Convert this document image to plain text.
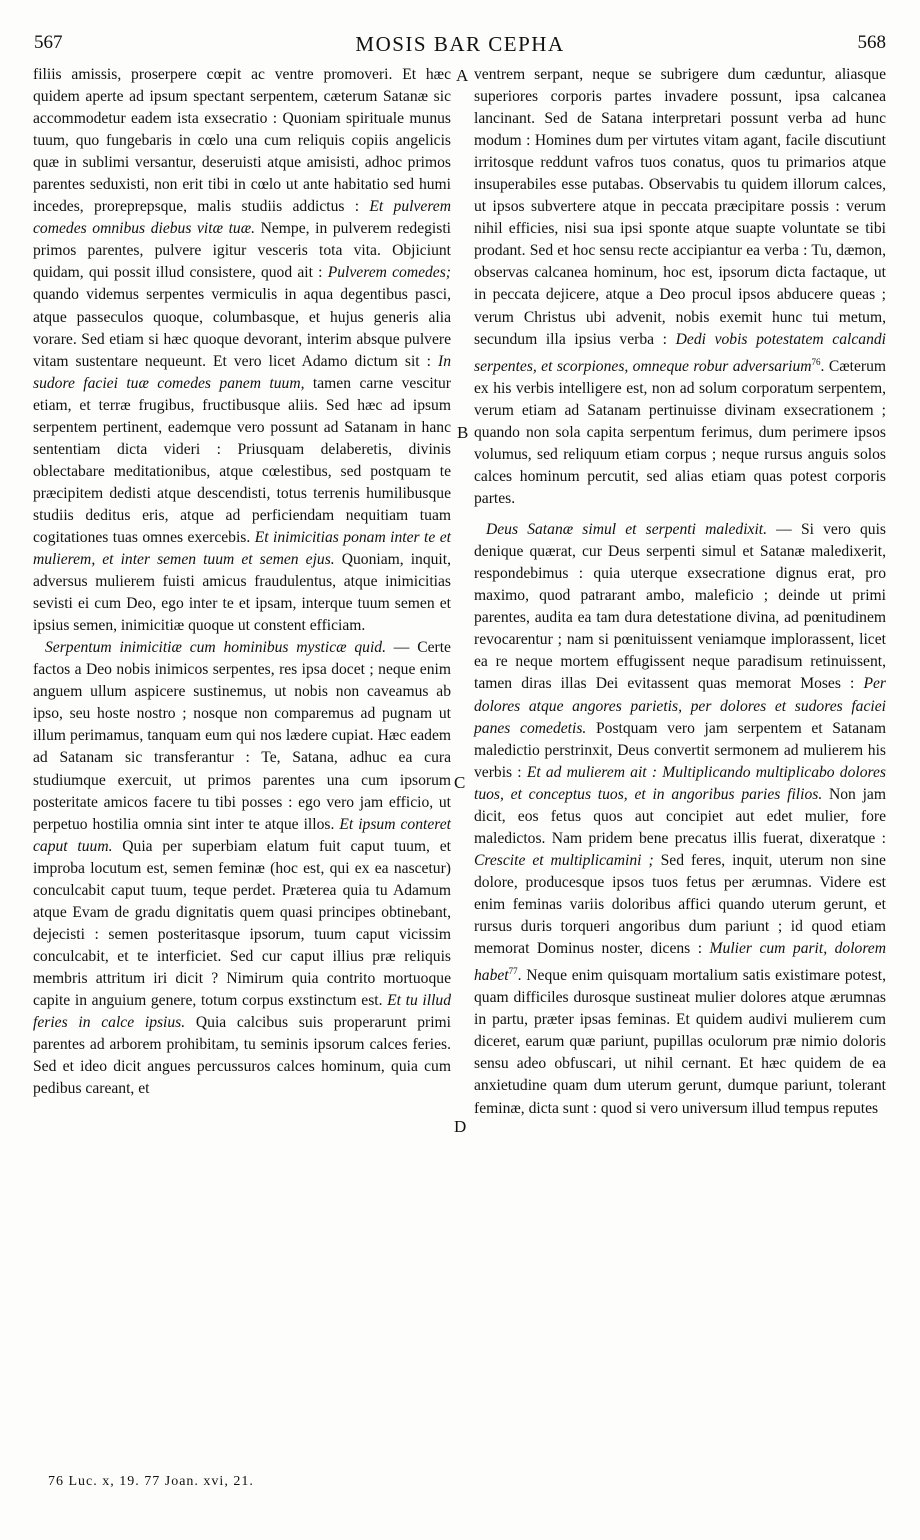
567	MOSIS BAR CEPHA	568

filiis amissis, proserpere cœpit ac ventre promoveri. Et hæc quidem aperte ad ipsum spectant serpentem, cæterum Satanæ sic accommodetur eadem ista exsecratio : Quoniam spirituale munus tuum, quo fungebaris in cœlo una cum reliquis copiis angelicis quæ in sublimi versantur, deseruisti atque amisisti, adhoc primos parentes seduxisti, non erit tibi in cœlo ut ante habitatio sed humi incedes, proreprepsque, malis studiis addictus : Et pulverem comedes omnibus diebus vitæ tuæ. Nempe, in pulverem redegisti primos parentes, pulvere igitur vesceris tota vita. Objiciunt quidam, qui possit illud consistere, quod ait : Pulverem comedes; quando videmus serpentes vermiculis in aqua degentibus pasci, atque passeculos quoque, columbasque, et hujus generis alia vorare. Sed etiam si hæc quoque devorant, interim absque pulvere vitam sustentare nequeunt. Et vero licet Adamo dictum sit : In sudore faciei tuæ comedes panem tuum, tamen carne vescitur etiam, et terræ frugibus, fructibusque aliis. Sed hæc ad ipsum serpentem pertinent, eademque vero possunt ad Satanam in hanc sententiam dicta videri : Priusquam delaberetis, divinis oblectabare meditationibus, atque cœlestibus, sed postquam te præcipitem dedisti atque descendisti, totus terrenis humilibusque studiis deditus eris, atque ad perficiendam nequitiam tuam cogitationes tuas omnes exercebis. Et inimicitias ponam inter te et mulierem, et inter semen tuum et semen ejus. Quoniam, inquit, adversus mulierem fuisti amicus fraudulentus, atque inimicitias sevisti ei cum Deo, ego inter te et ipsam, interque tuum semen et ipsius semen, inimicitiæ quoque ut constent efficiam.

Serpentum inimicitiæ cum hominibus mysticæ quid. — Certe factos a Deo nobis inimicos serpentes, res ipsa docet ; neque enim anguem ullum aspicere sustinemus, ut nobis non caveamus ab ipso, seu hoste nostro ; nosque non comparemus ad pugnam ut illum perimamus, tanquam eum qui nos lædere cupiat. Hæc eadem ad Satanam sic transferantur : Te, Satana, adhuc ea cura studiumque exercuit, ut primos parentes una cum ipsorum posteritate amicos facere tu tibi posses : ego vero jam efficio, ut perpetuo hostilia omnia sint inter te atque illos. Et ipsum conteret caput tuum. Quia per superbiam elatum fuit caput tuum, et improba locutum est, semen feminæ (hoc est, qui ex ea nascetur) conculcabit caput tuum, teque perdet. Præterea quia tu Adamum atque Evam de gradu dignitatis quem quasi principes obtinebant, dejecisti : semen posteritasque ipsorum, tuum caput vicissim conculcabit, et te interficiet. Sed cur caput illius præ reliquis membris attritum iri dicit ? Nimirum quia contrito mortuoque capite in anguium genere, totum corpus exstinctum est. Et tu illud feries in calce ipsius. Quia calcibus suis properarunt primi parentes ad arborem prohibitam, tu seminis ipsorum calces feries. Sed et ideo dicit angues percussuros calces hominum, quia cum pedibus careant, et

ventrem serpant, neque se subrigere dum cæduntur, aliasque superiores corporis partes invadere possunt, ipsa calcanea lancinant. Sed de Satana interpretari possunt verba ad hunc modum : Homines dum per virtutes vitam agant, facile discutiunt irritosque reddunt vafros tuos conatus, quos tu primarios atque insuperabiles esse putabas. Observabis tu quidem illorum calces, ut ipsos subvertere atque in peccata præcipitare possis : verum nihil efficies, nisi sua ipsi sponte atque suapte voluntate se tibi prodant. Sed et hoc sensu recte accipiantur ea verba : Tu, dæmon, observas calcanea hominum, hoc est, ipsorum dicta factaque, ut in peccata dejicere, atque a Deo procul ipsos abducere queas ; verum Christus ubi advenit, nobis exemit hunc tui metum, secundum illa ipsius verba : Dedi vobis potestatem calcandi serpentes, et scorpiones, omneque robur adversarium$^{76}$. Cæterum ex his verbis intelligere est, non ad solum corporatum serpentem, verum etiam ad Satanam pertinuisse divinam exsecrationem ; quando non sola capita serpentum ferimus, dum perimere ipsos volumus, sed reliquum etiam corpus ; neque rursus anguis solos calces hominum percutit, sed alias etiam quas potest corporis partes.

Deus Satanæ simul et serpenti maledixit. — Si vero quis denique quærat, cur Deus serpenti simul et Satanæ maledixerit, respondebimus : quia uterque exsecratione dignus erat, pro maximo, quod patrarant ambo, maleficio ; deinde ut primi parentes, audita ea tam dura detestatione divina, ad pœnitudinem revocarentur ; nam si pœnituissent veniamque implorassent, licet ea re neque mortem effugissent neque paradisum retinuissent, tamen diras illas Dei evitassent quas memorat Moses : Per dolores atque angores parietis, per dolores et sudores faciei panes comedetis. Postquam vero jam serpentem et Satanam maledictio perstrinxit, Deus convertit sermonem ad mulierem his verbis : Et ad mulierem ait : Multiplicando multiplicabo dolores tuos, et conceptus tuos, et in angoribus paries filios. Non jam dicit, eos fetus quos aut concipiet aut edet mulier, fore maledictos. Nam pridem bene precatus illis fuerat, dixeratque : Crescite et multiplicamini ; Sed feres, inquit, uterum non sine dolore, producesque ipsos tuos fetus per ærumnas. Videre est enim feminas variis doloribus affici quando uterum gerunt, et rursus duris torqueri angoribus dum pariunt ; id quod etiam memorat Dominus noster, dicens : Mulier cum parit, dolorem habet$^{77}$. Neque enim quisquam mortalium satis existimare potest, quam difficiles durosque sustineat mulier dolores atque ærumnas in partu, præter ipsas feminas. Et quidem audivi mulierem cum diceret, earum quæ pariunt, pupillas oculorum præ nimio doloris sensu adeo obfuscari, ut nihil cernant. Et hæc quidem de ea anxietudine quam dum uterum gerunt, dumque pariunt, tolerant feminæ, dicta sunt : quod si vero universum illud tempus reputes

A
B
C
D
76 Luc. x, 19. 77 Joan. xvi, 21.
